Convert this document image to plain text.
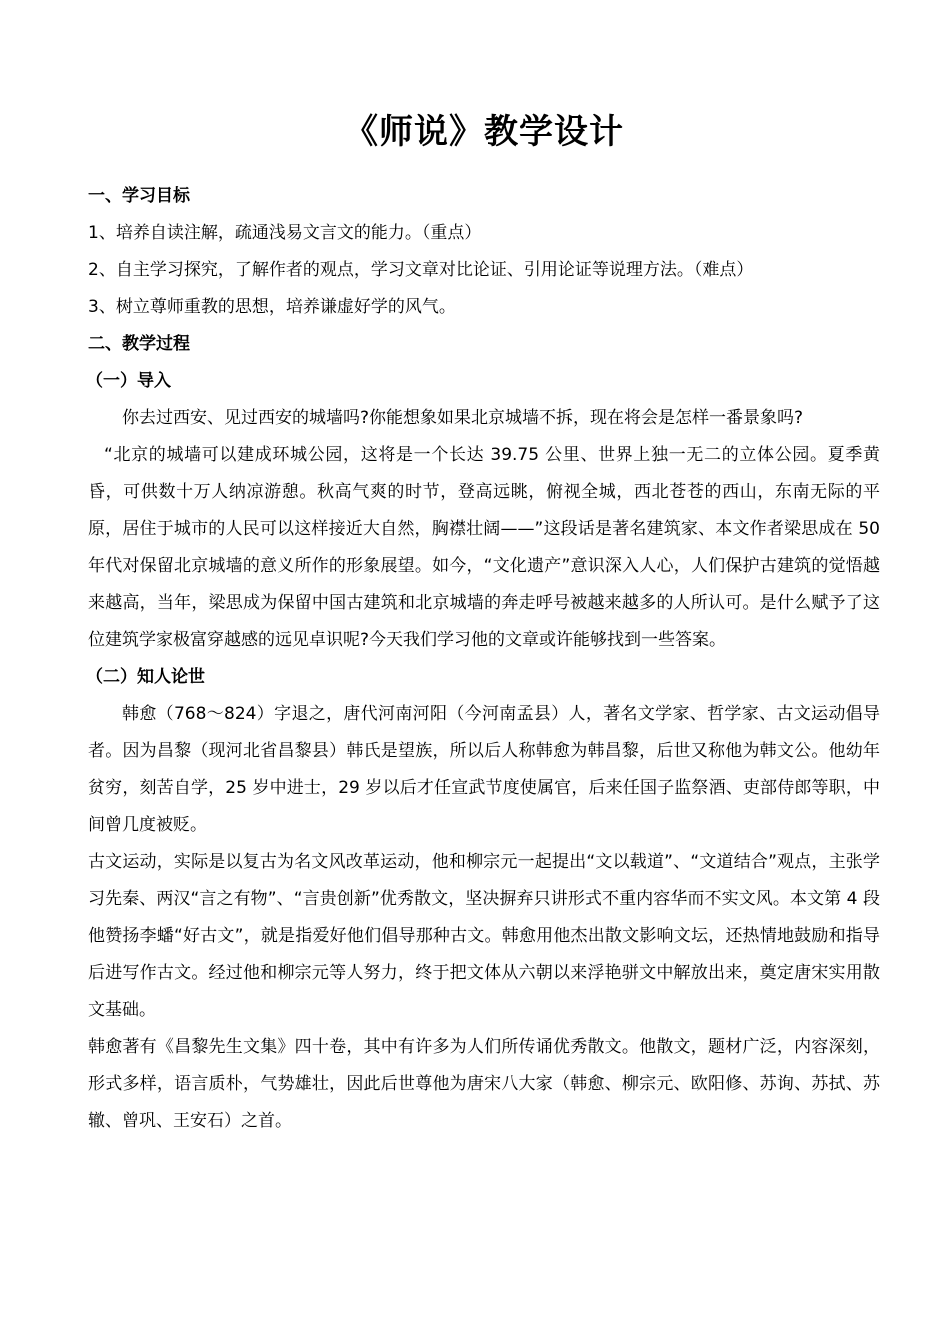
《师说》教学设计

一、学习目标

1、培养自读注解，疏通浅易文言文的能力。（重点）

2、自主学习探究，了解作者的观点，学习文章对比论证、引用论证等说理方法。（难点）

3、树立尊师重教的思想，培养谦虚好学的风气。

二、教学过程

（一）导入

你去过西安、见过西安的城墙吗?你能想象如果北京城墙不拆，现在将会是怎样一番景象吗?

“北京的城墙可以建成环城公园，这将是一个长达 39.75 公里、世界上独一无二的立体公园。夏季黄昏，可供数十万人纳凉游憩。秋高气爽的时节，登高远眺，俯视全城，西北苍苍的西山，东南无际的平原，居住于城市的人民可以这样接近大自然，胸襟壮阔——”这段话是著名建筑家、本文作者梁思成在 50 年代对保留北京城墙的意义所作的形象展望。如今，“文化遗产”意识深入人心，人们保护古建筑的觉悟越来越高，当年，梁思成为保留中国古建筑和北京城墙的奔走呼号被越来越多的人所认可。是什么赋予了这位建筑学家极富穿越感的远见卓识呢?今天我们学习他的文章或许能够找到一些答案。

（二）知人论世

韩愈（768～824）字退之，唐代河南河阳（今河南孟县）人，著名文学家、哲学家、古文运动倡导者。因为昌黎（现河北省昌黎县）韩氏是望族，所以后人称韩愈为韩昌黎，后世又称他为韩文公。他幼年贫穷，刻苦自学，25 岁中进士，29 岁以后才任宣武节度使属官，后来任国子监祭酒、吏部侍郎等职，中间曾几度被贬。

古文运动，实际是以复古为名文风改革运动，他和柳宗元一起提出“文以载道”、“文道结合”观点，主张学习先秦、两汉“言之有物”、“言贵创新”优秀散文，坚决摒弃只讲形式不重内容华而不实文风。本文第 4 段他赞扬李蟠“好古文”，就是指爱好他们倡导那种古文。韩愈用他杰出散文影响文坛，还热情地鼓励和指导后进写作古文。经过他和柳宗元等人努力，终于把文体从六朝以来浮艳骈文中解放出来，奠定唐宋实用散文基础。

韩愈著有《昌黎先生文集》四十卷，其中有许多为人们所传诵优秀散文。他散文，题材广泛，内容深刻，形式多样，语言质朴，气势雄壮，因此后世尊他为唐宋八大家（韩愈、柳宗元、欧阳修、苏询、苏拭、苏辙、曾巩、王安石）之首。
